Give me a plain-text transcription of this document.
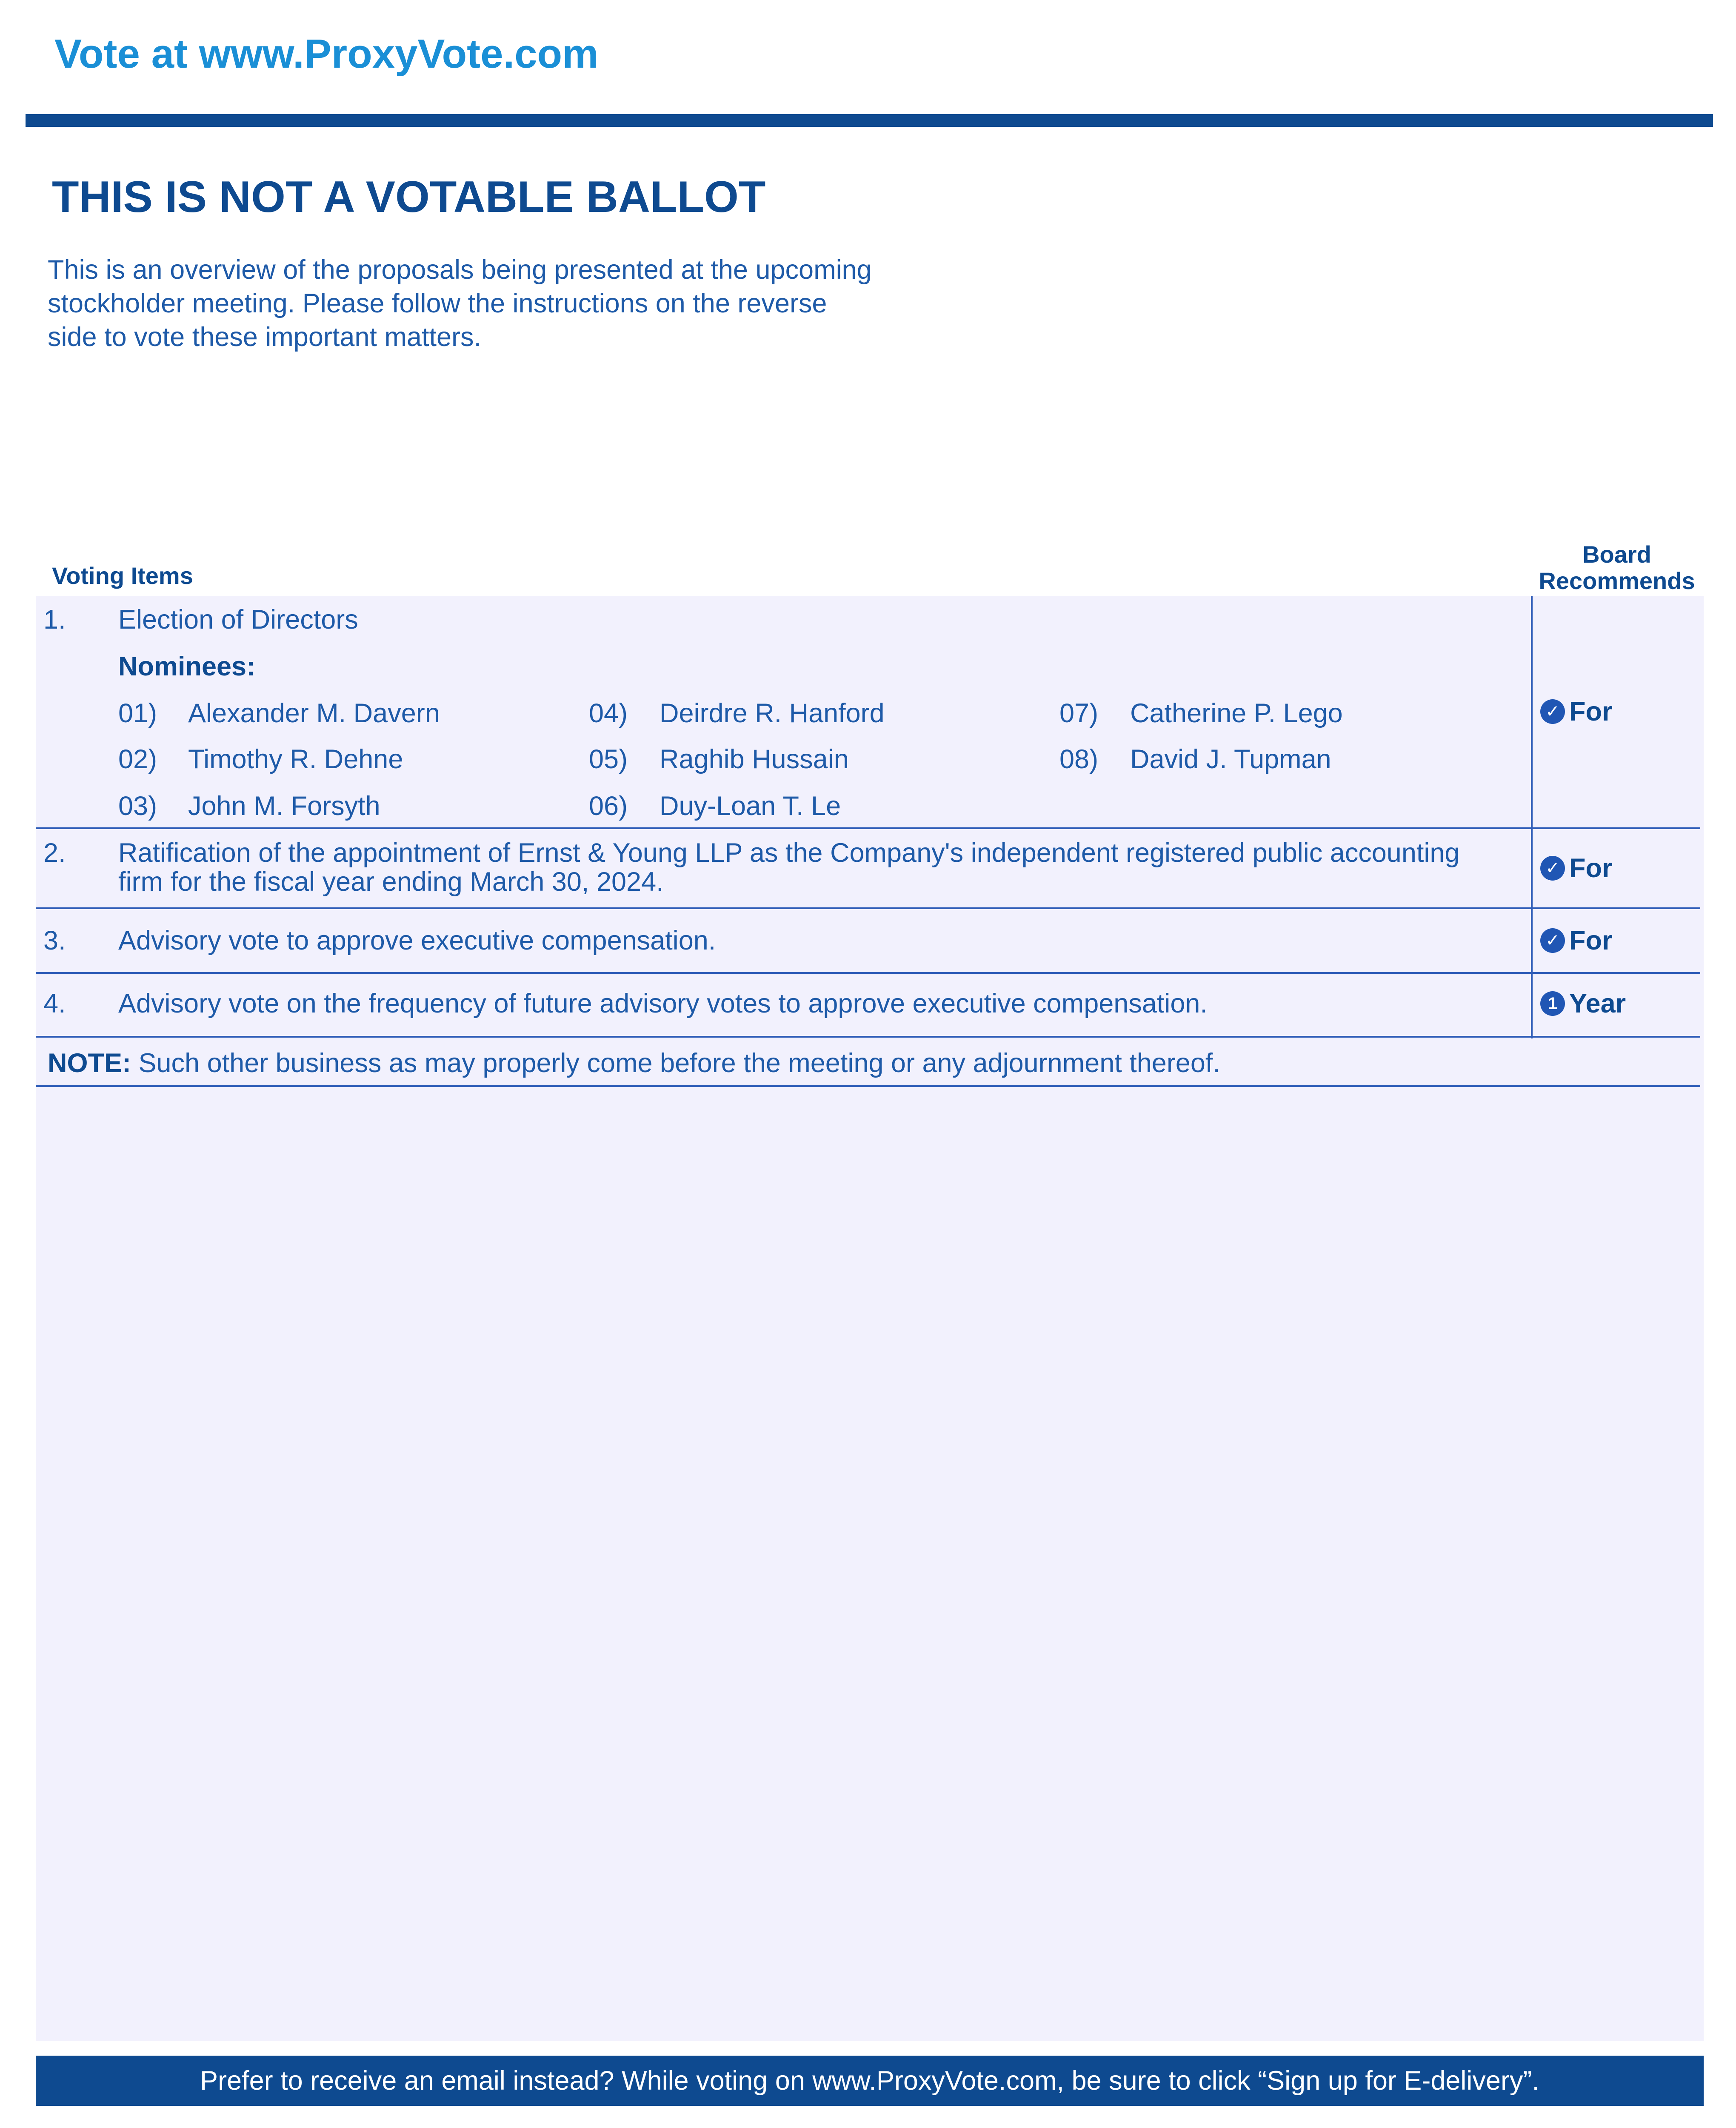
Vote at www.ProxyVote.com
THIS IS NOT A VOTABLE BALLOT
This is an overview of the proposals being presented at the upcoming stockholder meeting. Please follow the instructions on the reverse side to vote these important matters.
Voting Items
Board
Recommends
1. Election of Directors
Nominees:
01) Alexander M. Davern
02) Timothy R. Dehne
03) John M. Forsyth
04) Deirdre R. Hanford
05) Raghib Hussain
06) Duy-Loan T. Le
07) Catherine P. Lego
08) David J. Tupman
✓ For
2. Ratification of the appointment of Ernst & Young LLP as the Company's independent registered public accounting
firm for the fiscal year ending March 30, 2024.	✓ For
3. Advisory vote to approve executive compensation.	✓ For
4. Advisory vote on the frequency of future advisory votes to approve executive compensation.	1 Year
NOTE: Such other business as may properly come before the meeting or any adjournment thereof.
Prefer to receive an email instead? While voting on www.ProxyVote.com, be sure to click “Sign up for E-delivery”.
